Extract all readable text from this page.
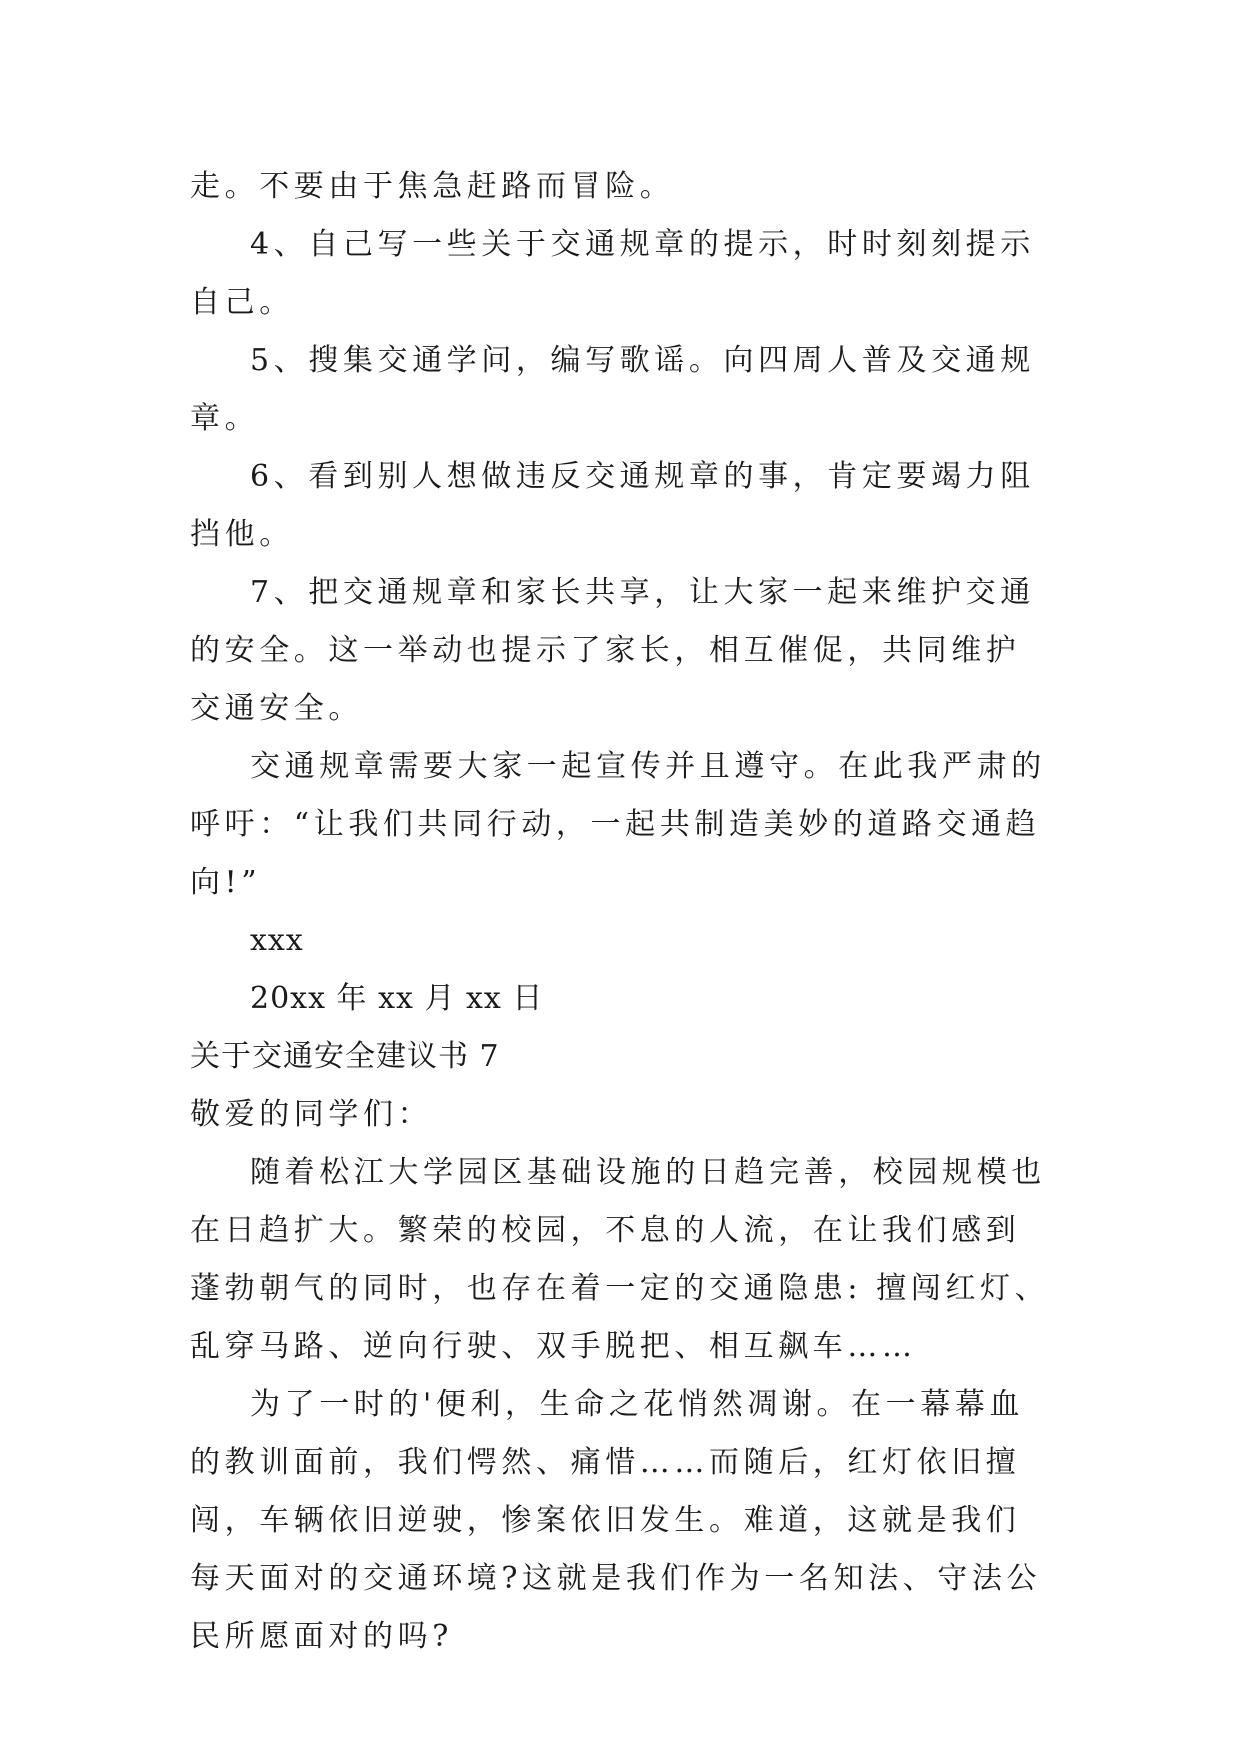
走。不要由于焦急赶路而冒险。

4、自己写一些关于交通规章的提示，时时刻刻提示自己。

5、搜集交通学问，编写歌谣。向四周人普及交通规章。

6、看到别人想做违反交通规章的事，肯定要竭力阻挡他。

7、把交通规章和家长共享，让大家一起来维护交通的安全。这一举动也提示了家长，相互催促，共同维护交通安全。

交通规章需要大家一起宣传并且遵守。在此我严肃的呼吁：“让我们共同行动，一起共制造美妙的道路交通趋向!”

xxx

20xx 年 xx 月 xx 日

关于交通安全建议书 7

敬爱的同学们：

随着松江大学园区基础设施的日趋完善，校园规模也在日趋扩大。繁荣的校园，不息的人流，在让我们感到蓬勃朝气的同时，也存在着一定的交通隐患: 擅闯红灯、乱穿马路、逆向行驶、双手脱把、相互飙车……

为了一时的'便利，生命之花悄然凋谢。在一幕幕血的教训面前，我们愕然、痛惜……而随后，红灯依旧擅闯，车辆依旧逆驶，惨案依旧发生。难道，这就是我们每天面对的交通环境?这就是我们作为一名知法、守法公民所愿面对的吗?
